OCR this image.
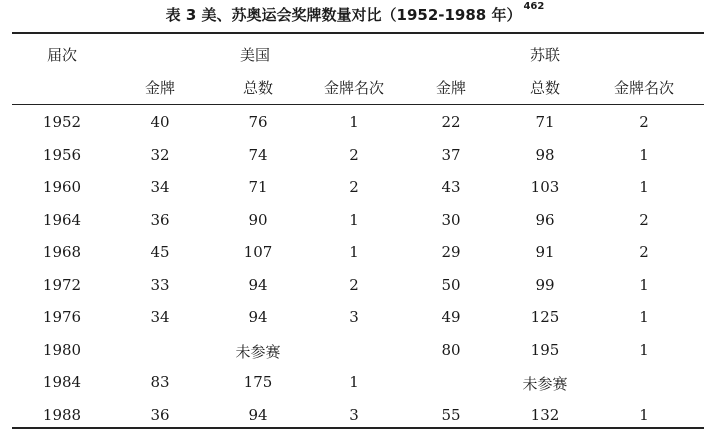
表 3 美、苏奥运会奖牌数量对比（1952-1988 年） $^{462}$
届次	美国	苏联
金牌	总数	金牌名次	金牌	总数	金牌名次
1952	40	76	1	22	71	2
1956	32	74	2	37	98	1
1960	34	71	2	43	103	1
1964	36	90	1	30	96	2
1968	45	107	1	29	91	2
1972	33	94	2	50	99	1
1976	34	94	3	49	125	1
1980	未参赛	80	195	1
1984	83	175	1	未参赛
1988	36	94	3	55	132	1
